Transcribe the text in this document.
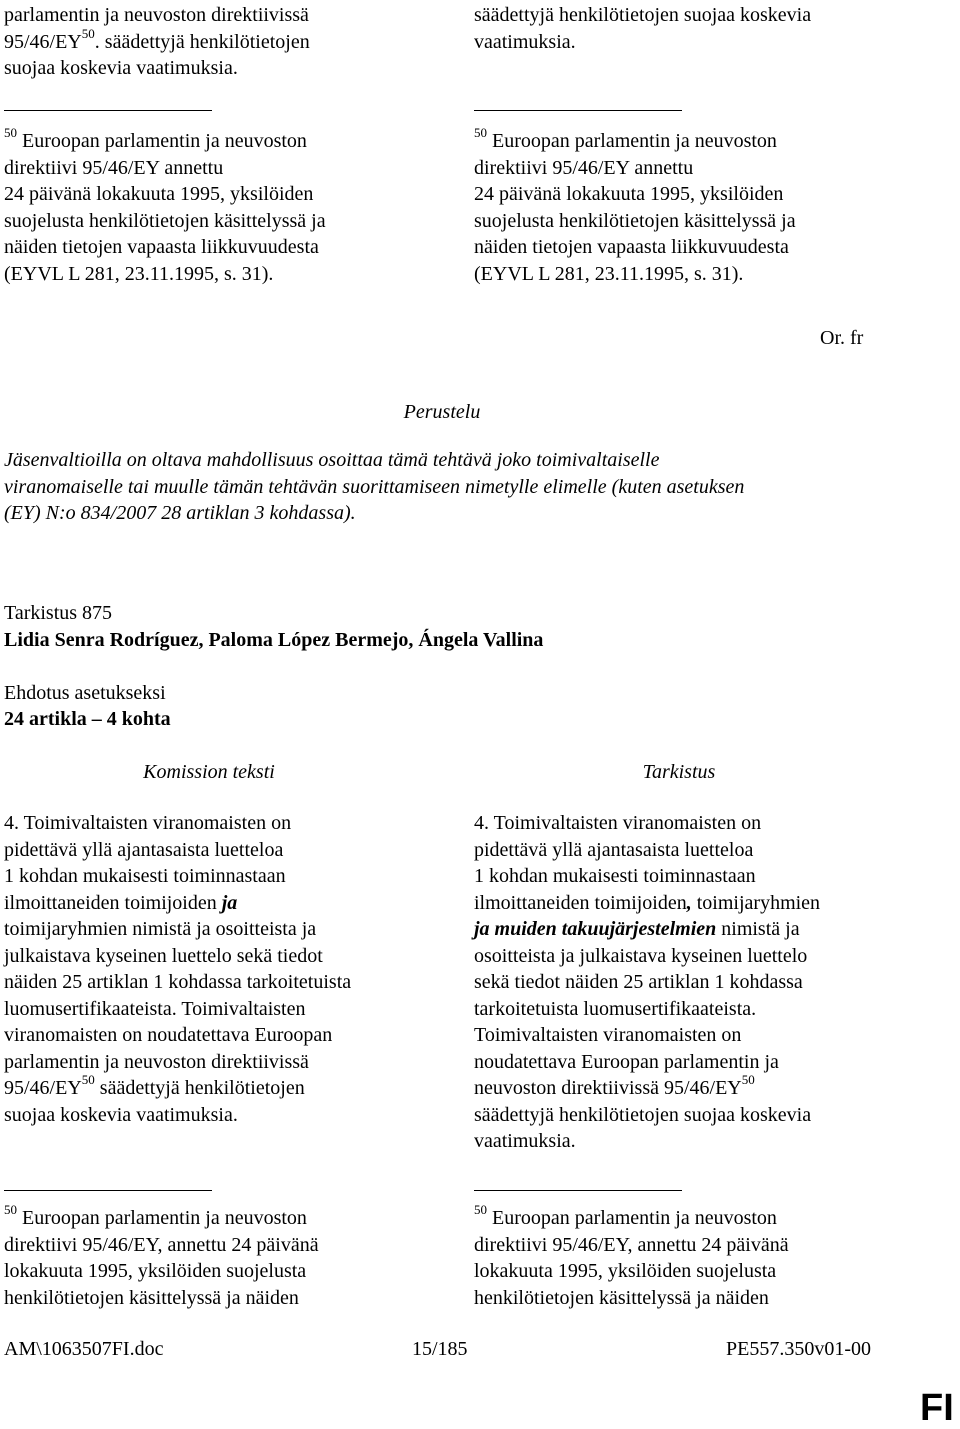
parlamentin ja neuvoston direktiivissä
95/46/EY$^{50}$. säädettyjä henkilötietojen
suojaa koskevia vaatimuksia.
säädettyjä henkilötietojen suojaa koskevia
vaatimuksia.
$^{50}$ Euroopan parlamentin ja neuvoston
direktiivi 95/46/EY annettu
24 päivänä lokakuuta 1995, yksilöiden
suojelusta henkilötietojen käsittelyssä ja
näiden tietojen vapaasta liikkuvuudesta
(EYVL L 281, 23.11.1995, s. 31).
$^{50}$ Euroopan parlamentin ja neuvoston
direktiivi 95/46/EY annettu
24 päivänä lokakuuta 1995, yksilöiden
suojelusta henkilötietojen käsittelyssä ja
näiden tietojen vapaasta liikkuvuudesta
(EYVL L 281, 23.11.1995, s. 31).
Or. fr
Perustelu
Jäsenvaltioilla on oltava mahdollisuus osoittaa tämä tehtävä joko toimivaltaiselle
viranomaiselle tai muulle tämän tehtävän suorittamiseen nimetylle elimelle (kuten asetuksen
(EY) N:o 834/2007 28 artiklan 3 kohdassa).
Tarkistus 875
Lidia Senra Rodríguez, Paloma López Bermejo, Ángela Vallina
Ehdotus asetukseksi
24 artikla – 4 kohta
Komission teksti	Tarkistus
4. Toimivaltaisten viranomaisten on
pidettävä yllä ajantasaista luetteloa
1 kohdan mukaisesti toiminnastaan
ilmoittaneiden toimijoiden ja
toimijaryhmien nimistä ja osoitteista ja
julkaistava kyseinen luettelo sekä tiedot
näiden 25 artiklan 1 kohdassa tarkoitetuista
luomusertifikaateista. Toimivaltaisten
viranomaisten on noudatettava Euroopan
parlamentin ja neuvoston direktiivissä
95/46/EY$^{50}$ säädettyjä henkilötietojen
suojaa koskevia vaatimuksia.
4. Toimivaltaisten viranomaisten on
pidettävä yllä ajantasaista luetteloa
1 kohdan mukaisesti toiminnastaan
ilmoittaneiden toimijoiden, toimijaryhmien
ja muiden takuujärjestelmien nimistä ja
osoitteista ja julkaistava kyseinen luettelo
sekä tiedot näiden 25 artiklan 1 kohdassa
tarkoitetuista luomusertifikaateista.
Toimivaltaisten viranomaisten on
noudatettava Euroopan parlamentin ja
neuvoston direktiivissä 95/46/EY$^{50}$
säädettyjä henkilötietojen suojaa koskevia
vaatimuksia.
$^{50}$ Euroopan parlamentin ja neuvoston
direktiivi 95/46/EY, annettu 24 päivänä
lokakuuta 1995, yksilöiden suojelusta
henkilötietojen käsittelyssä ja näiden
$^{50}$ Euroopan parlamentin ja neuvoston
direktiivi 95/46/EY, annettu 24 päivänä
lokakuuta 1995, yksilöiden suojelusta
henkilötietojen käsittelyssä ja näiden
AM\1063507FI.doc	15/185	PE557.350v01-00
FI
